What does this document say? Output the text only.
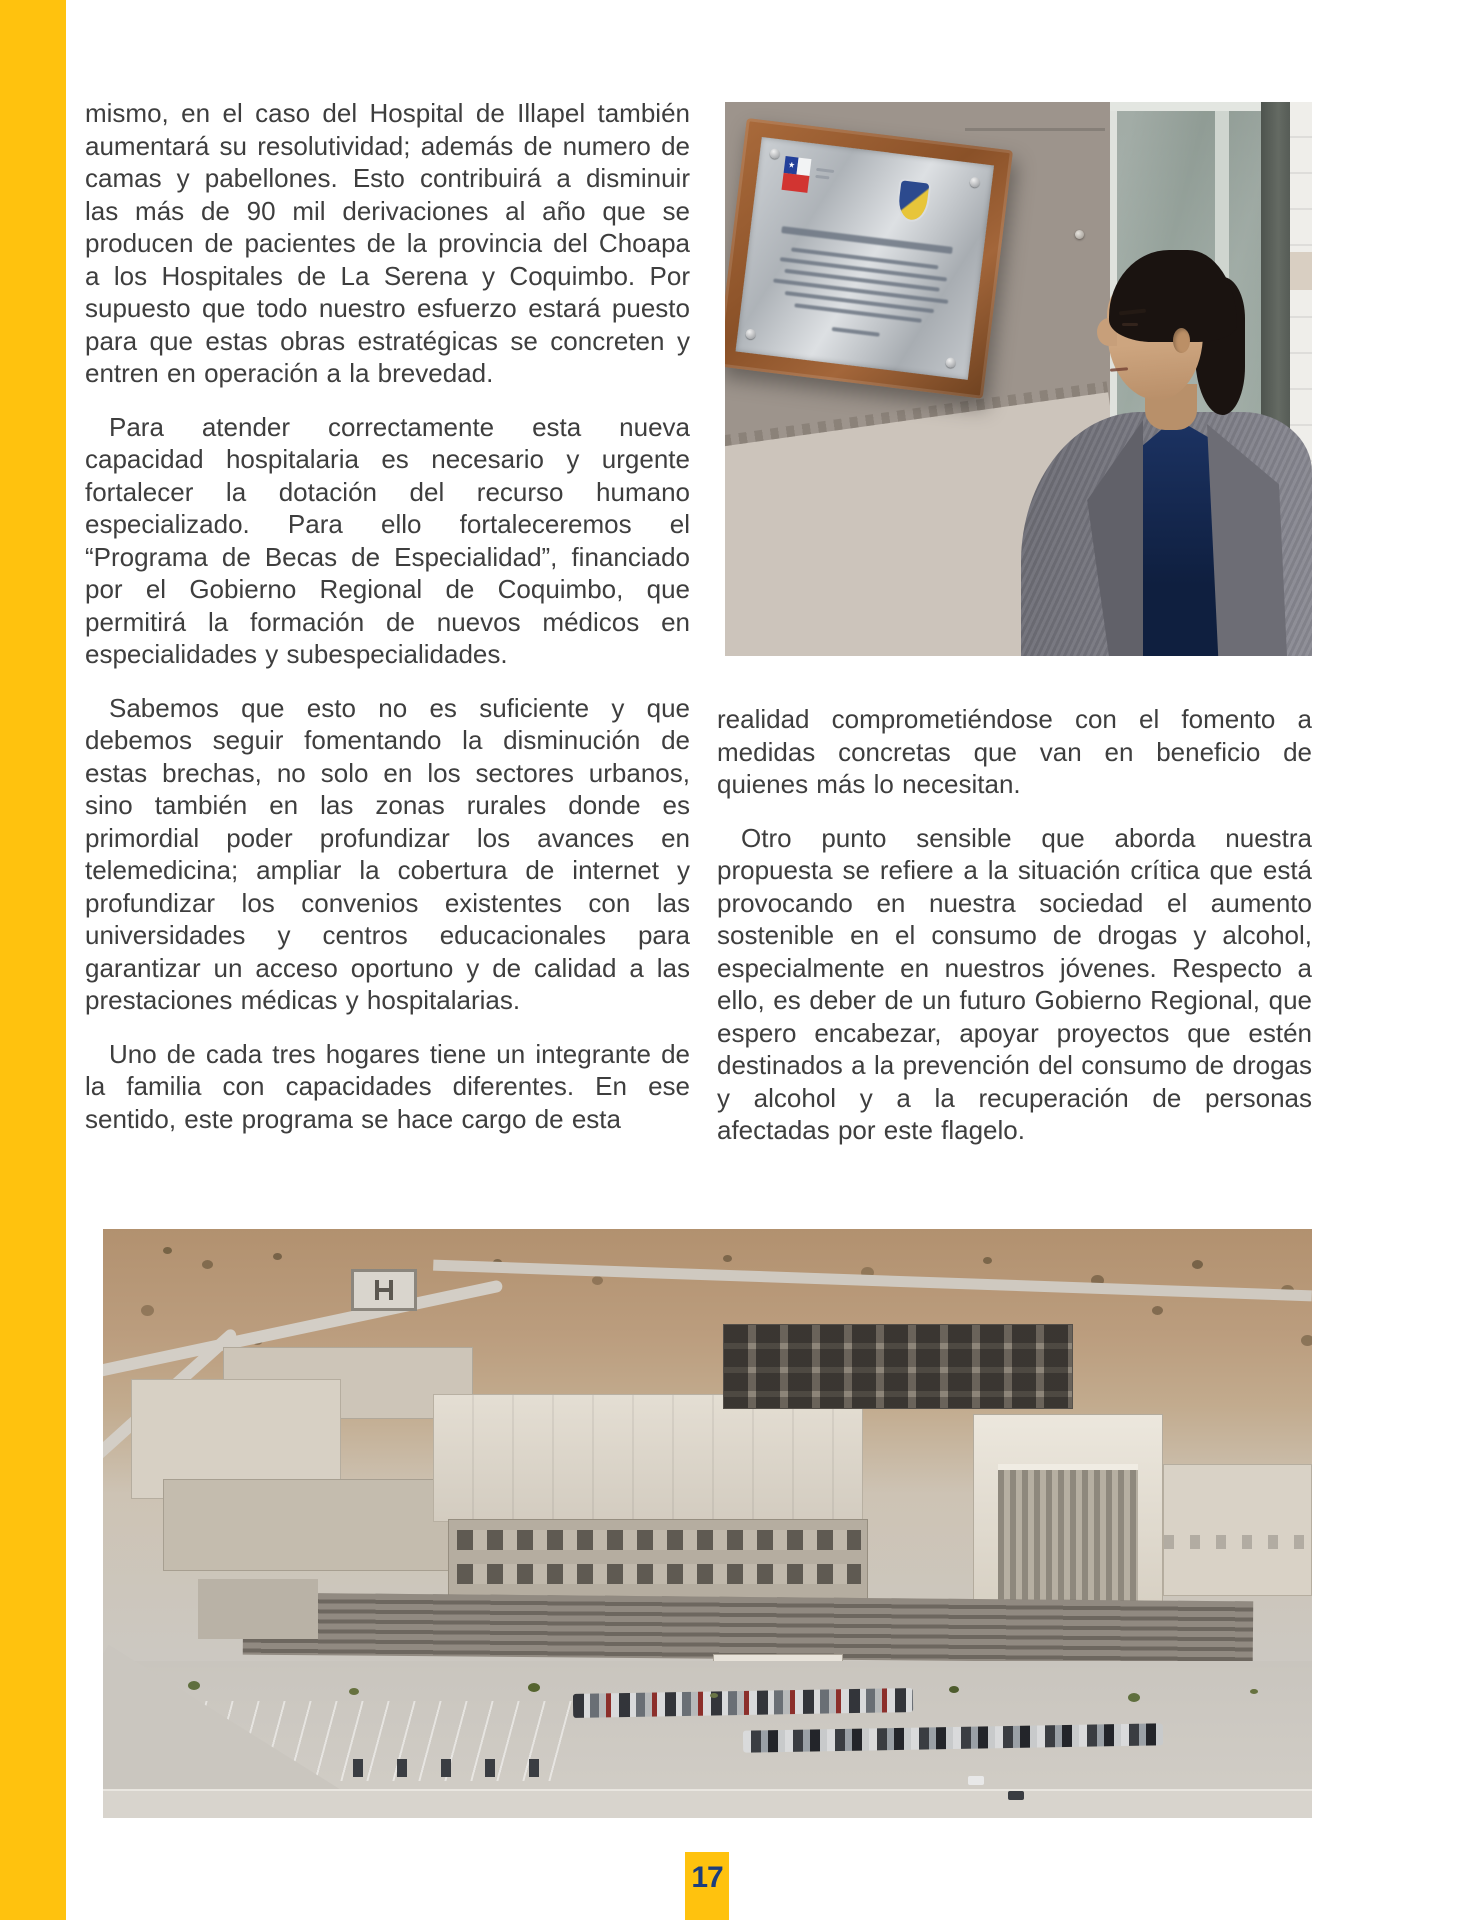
mismo, en el caso del Hospital de Illapel también aumentará su resolutividad; además de numero de camas y pabellones. Esto contribuirá a disminuir las más de 90 mil derivaciones al año que se producen de pacientes de la provincia del Choapa a los Hospitales de La Serena y Coquimbo. Por supuesto que todo nuestro esfuerzo estará puesto para que estas obras estratégicas se concreten y entren en operación a la brevedad.

Para atender correctamente esta nueva capacidad hospitalaria es necesario y urgente fortalecer la dotación del recurso humano especializado. Para ello fortaleceremos el “Programa de Becas de Especialidad”, financiado por el Gobierno Regional de Coquimbo, que permitirá la formación de nuevos médicos en especialidades y subespecialidades.

Sabemos que esto no es suficiente y que debemos seguir fomentando la disminución de estas brechas, no solo en los sectores urbanos, sino también en las zonas rurales donde es primordial poder profundizar los avances en telemedicina; ampliar la cobertura de internet y profundizar los convenios existentes con las universidades y centros educacionales para garantizar un acceso oportuno y de calidad a las prestaciones médicas y hospitalarias.

Uno de cada tres hogares tiene un integrante de la familia con capacidades diferentes. En ese sentido, este programa se hace cargo de esta

realidad comprometiéndose con el fomento a medidas concretas que van en beneficio de quienes más lo necesitan.

Otro punto sensible que aborda nuestra propuesta se refiere a la situación crítica que está provocando en nuestra sociedad el aumento sostenible en el consumo de drogas y alcohol, especialmente en nuestros jóvenes. Respecto a ello, es deber de un futuro Gobierno Regional, que espero encabezar, apoyar proyectos que estén destinados a la prevención del consumo de drogas y alcohol y a la recuperación de personas afectadas por este flagelo.

17
